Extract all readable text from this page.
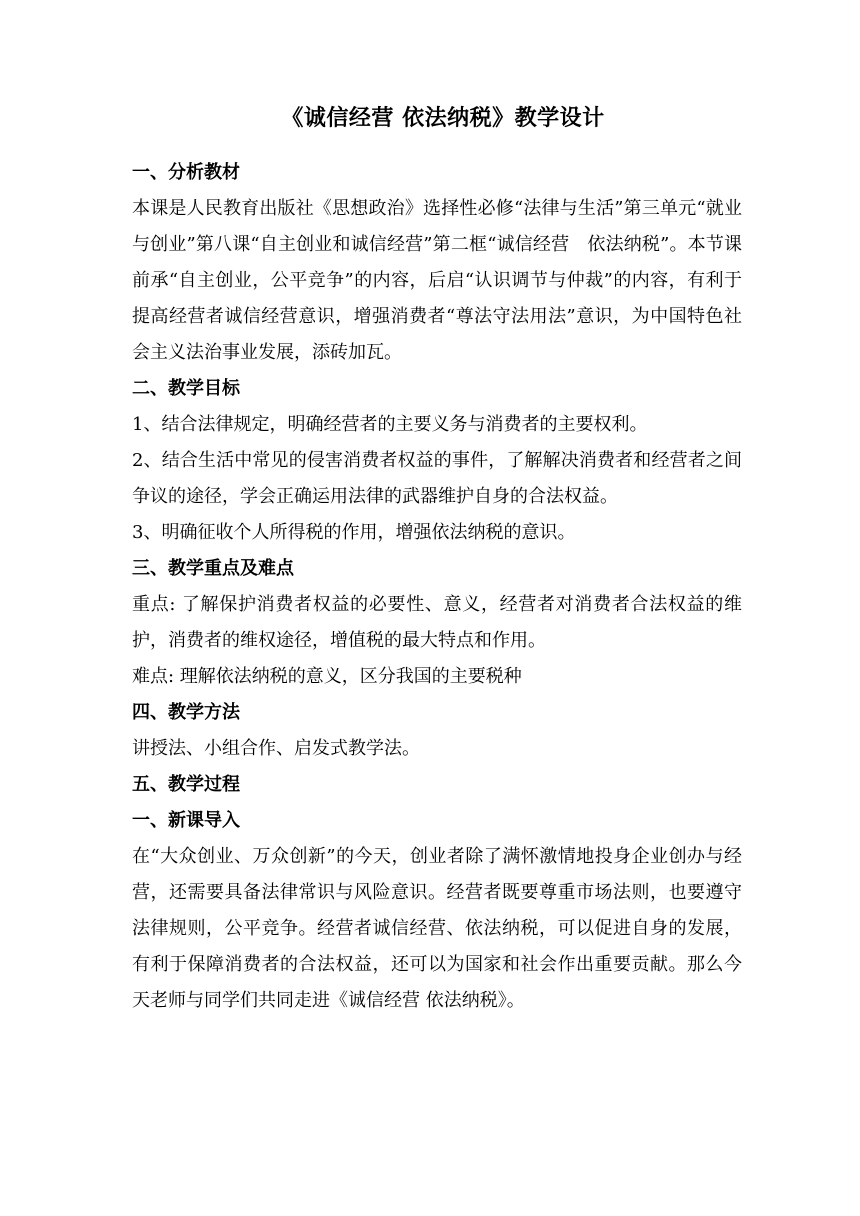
《诚信经营 依法纳税》教学设计
一、分析教材
本课是人民教育出版社《思想政治》选择性必修“法律与生活”第三单元“就业与创业”第八课“自主创业和诚信经营”第二框“诚信经营　依法纳税”。本节课前承“自主创业，公平竞争”的内容，后启“认识调节与仲裁”的内容，有利于提高经营者诚信经营意识，增强消费者“尊法守法用法”意识，为中国特色社会主义法治事业发展，添砖加瓦。
二、教学目标
1、结合法律规定，明确经营者的主要义务与消费者的主要权利。
2、结合生活中常见的侵害消费者权益的事件，了解解决消费者和经营者之间争议的途径，学会正确运用法律的武器维护自身的合法权益。
3、明确征收个人所得税的作用，增强依法纳税的意识。
三、教学重点及难点
重点: 了解保护消费者权益的必要性、意义，经营者对消费者合法权益的维护，消费者的维权途径，增值税的最大特点和作用。
难点: 理解依法纳税的意义，区分我国的主要税种
四、教学方法
讲授法、小组合作、启发式教学法。
五、教学过程
一、新课导入
在“大众创业、万众创新”的今天，创业者除了满怀激情地投身企业创办与经营，还需要具备法律常识与风险意识。经营者既要尊重市场法则，也要遵守法律规则，公平竞争。经营者诚信经营、依法纳税，可以促进自身的发展，有利于保障消费者的合法权益，还可以为国家和社会作出重要贡献。那么今天老师与同学们共同走进《诚信经营 依法纳税》。
